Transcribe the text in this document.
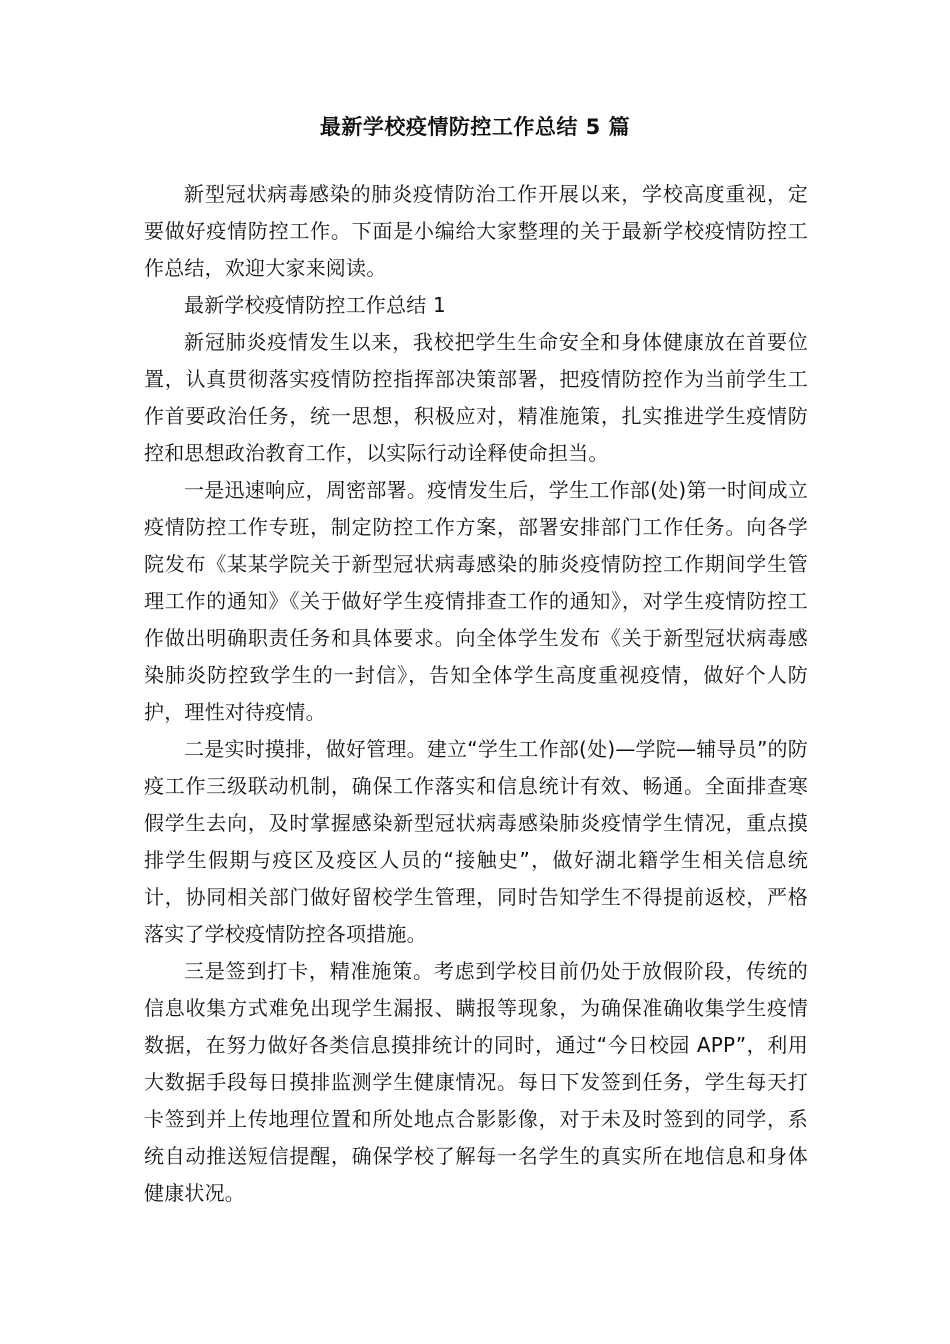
最新学校疫情防控工作总结 5 篇

新型冠状病毒感染的肺炎疫情防治工作开展以来，学校高度重视，定要做好疫情防控工作。下面是小编给大家整理的关于最新学校疫情防控工作总结，欢迎大家来阅读。

最新学校疫情防控工作总结 1

新冠肺炎疫情发生以来，我校把学生生命安全和身体健康放在首要位置，认真贯彻落实疫情防控指挥部决策部署，把疫情防控作为当前学生工作首要政治任务，统一思想，积极应对，精准施策，扎实推进学生疫情防控和思想政治教育工作，以实际行动诠释使命担当。

一是迅速响应，周密部署。疫情发生后，学生工作部(处)第一时间成立疫情防控工作专班，制定防控工作方案，部署安排部门工作任务。向各学院发布《某某学院关于新型冠状病毒感染的肺炎疫情防控工作期间学生管理工作的通知》《关于做好学生疫情排查工作的通知》，对学生疫情防控工作做出明确职责任务和具体要求。向全体学生发布《关于新型冠状病毒感染肺炎防控致学生的一封信》，告知全体学生高度重视疫情，做好个人防护，理性对待疫情。

二是实时摸排，做好管理。建立“学生工作部(处)—学院—辅导员”的防疫工作三级联动机制，确保工作落实和信息统计有效、畅通。全面排查寒假学生去向，及时掌握感染新型冠状病毒感染肺炎疫情学生情况，重点摸排学生假期与疫区及疫区人员的“接触史”，做好湖北籍学生相关信息统计，协同相关部门做好留校学生管理，同时告知学生不得提前返校，严格落实了学校疫情防控各项措施。

三是签到打卡，精准施策。考虑到学校目前仍处于放假阶段，传统的信息收集方式难免出现学生漏报、瞒报等现象，为确保准确收集学生疫情数据，在努力做好各类信息摸排统计的同时，通过“今日校园 APP”，利用大数据手段每日摸排监测学生健康情况。每日下发签到任务，学生每天打卡签到并上传地理位置和所处地点合影影像，对于未及时签到的同学，系统自动推送短信提醒，确保学校了解每一名学生的真实所在地信息和身体健康状况。
